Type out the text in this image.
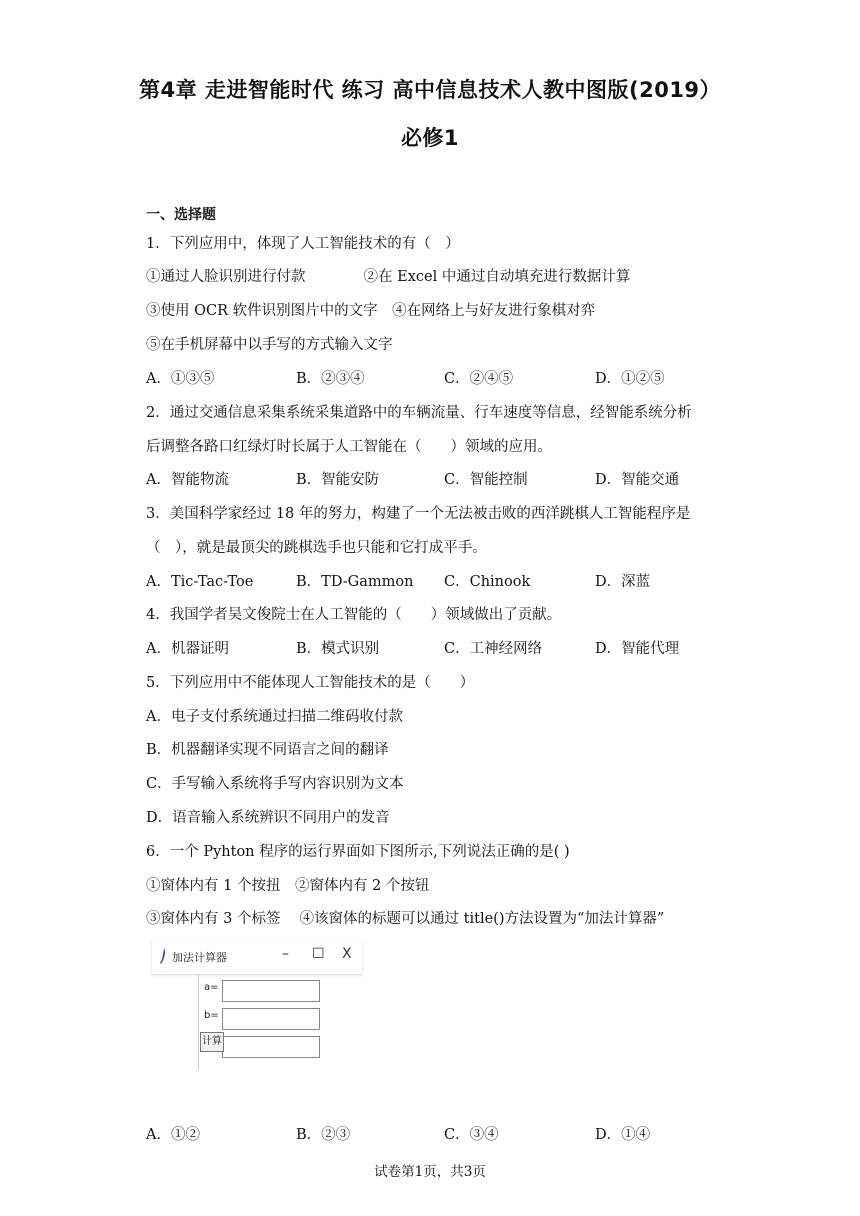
第4章 走进智能时代 练习 高中信息技术人教中图版(2019）
必修1
一、选择题
1．下列应用中，体现了人工智能技术的有（　）
①通过人脸识别进行付款　　　　②在 Excel 中通过自动填充进行数据计算
③使用 OCR 软件识别图片中的文字　④在网络上与好友进行象棋对弈
⑤在手机屏幕中以手写的方式输入文字
A．①③⑤	B．②③④	C．②④⑤	D．①②⑤
2．通过交通信息采集系统采集道路中的车辆流量、行车速度等信息，经智能系统分析
后调整各路口红绿灯时长属于人工智能在（　　）领域的应用。
A．智能物流	B．智能安防	C．智能控制	D．智能交通
3．美国科学家经过 18 年的努力，构建了一个无法被击败的西洋跳棋人工智能程序是
（　），就是最顶尖的跳棋选手也只能和它打成平手。
A．Tic-Tac-Toe	B．TD-Gammon C．Chinook	D．深蓝
4．我国学者吴文俊院士在人工智能的（　　）领域做出了贡献。
A．机器证明	B．模式识别	C．工神经网络	D．智能代理
5．下列应用中不能体现人工智能技术的是（　　）
A．电子支付系统通过扫描二维码收付款
B．机器翻译实现不同语言之间的翻译
C．手写输入系统将手写内容识别为文本
D．语音输入系统辨识不同用户的发音
6．一个 Pyhton 程序的运行界面如下图所示,下列说法正确的是( )
①窗体内有 1 个按扭　②窗体内有 2 个按钮
③窗体内有 3 个标签　 ④该窗体的标题可以通过 title()方法设置为“加法计算器”
加法计算器	– ☐ X
a=
b=
计算
A．①②	B．②③	C．③④	D．①④
试卷第1页，共3页
